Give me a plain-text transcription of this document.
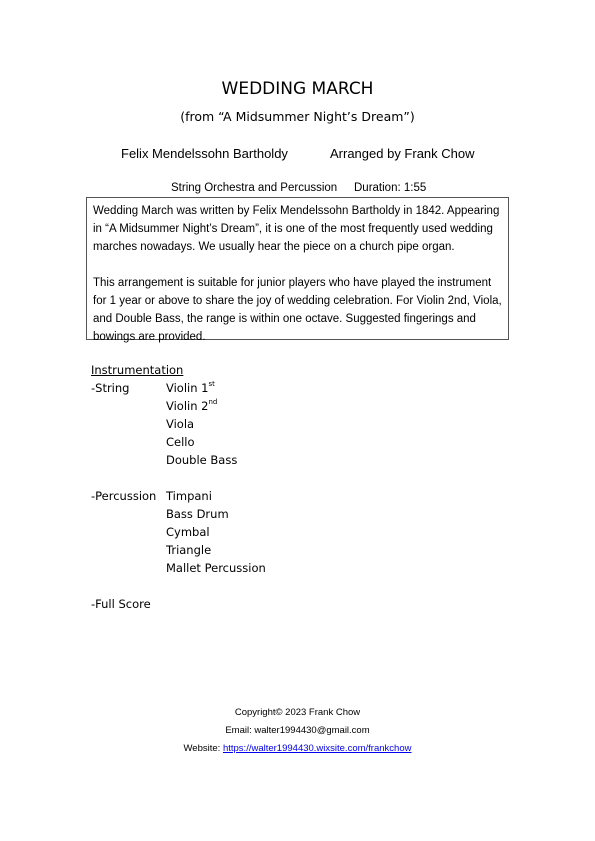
WEDDING MARCH
(from “A Midsummer Night’s Dream”)
Felix Mendelssohn Bartholdy	Arranged by Frank Chow
String Orchestra and Percussion Duration: 1:55

Wedding March was written by Felix Mendelssohn Bartholdy in 1842. Appearing in “A Midsummer Night’s Dream”, it is one of the most frequently used wedding marches nowadays. We usually hear the piece on a church pipe organ.

This arrangement is suitable for junior players who have played the instrument for 1 year or above to share the joy of wedding celebration. For Violin 2nd, Viola, and Double Bass, the range is within one octave. Suggested fingerings and bowings are provided.

Instrumentation
-String	Violin 1st
Violin 2nd
Viola
Cello
Double Bass
-Percussion Timpani
Bass Drum
Cymbal
Triangle
Mallet Percussion
-Full Score
Copyright© 2023 Frank Chow
Email: walter1994430@gmail.com
Website: https://walter1994430.wixsite.com/frankchow
